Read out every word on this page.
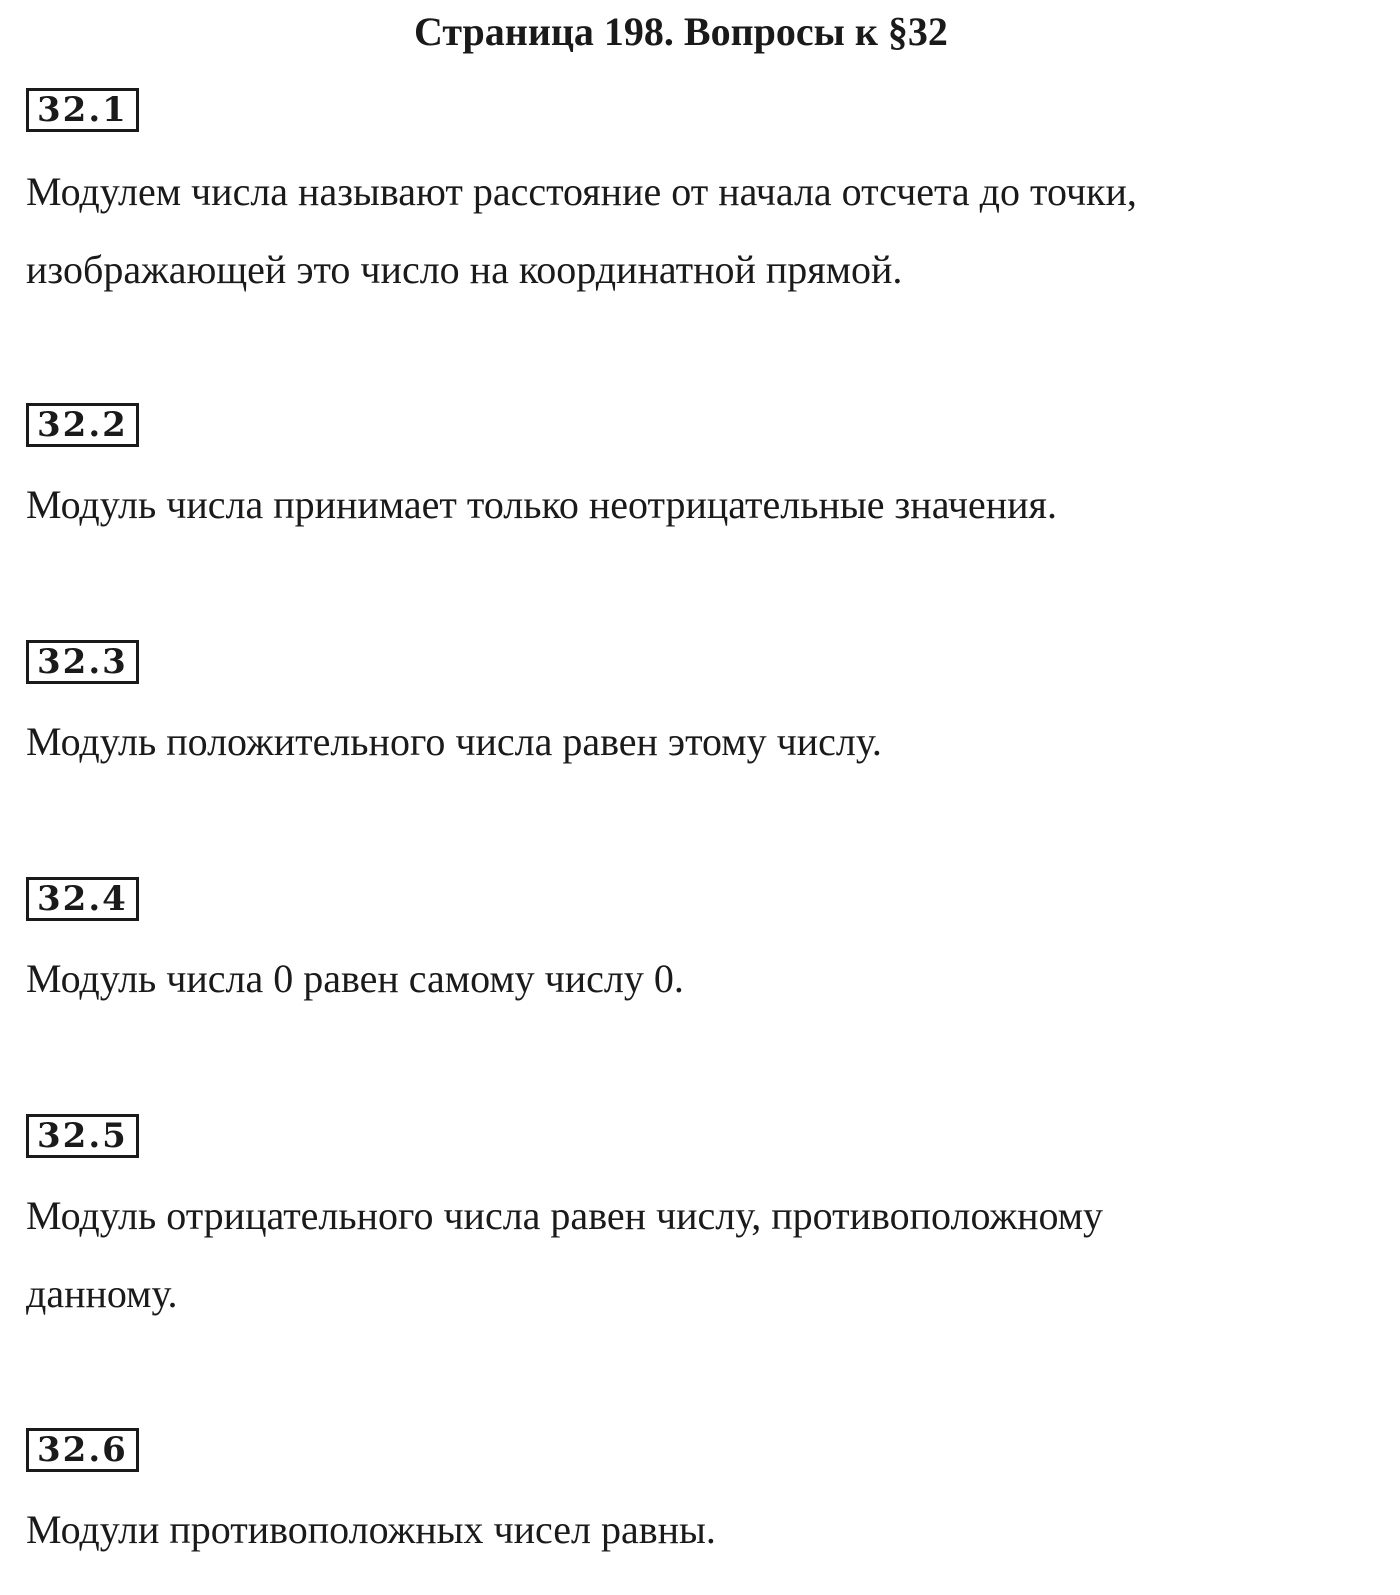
Страница 198. Вопросы к §32
32.1
Модулем числа называют расстояние от начала отсчета до точки,
изображающей это число на координатной прямой.
32.2
Модуль числа принимает только неотрицательные значения.
32.3
Модуль положительного числа равен этому числу.
32.4
Модуль числа 0 равен самому числу 0.
32.5
Модуль отрицательного числа равен числу, противоположному
данному.
32.6
Модули противоположных чисел равны.
